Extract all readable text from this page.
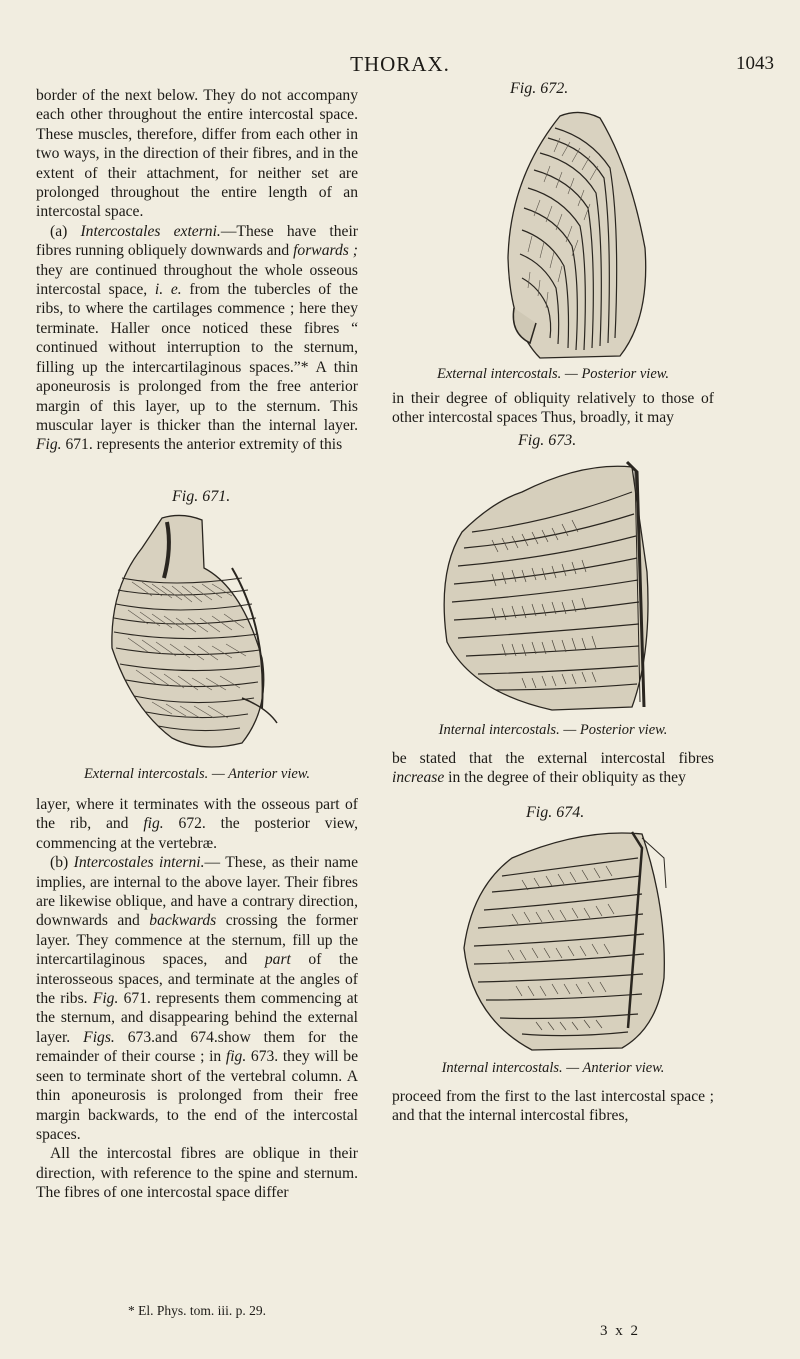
THORAX.	1043

border of the next below. They do not accompany each other throughout the entire intercostal space. These muscles, therefore, differ from each other in two ways, in the direction of their fibres, and in the extent of their attachment, for neither set are prolonged throughout the entire length of an intercostal space.

(a) Intercostales externi.—These have their fibres running obliquely downwards and forwards ; they are continued throughout the whole osseous intercostal space, i. e. from the tubercles of the ribs, to where the cartilages commence ; here they terminate. Haller once noticed these fibres “ continued without interruption to the sternum, filling up the intercartilaginous spaces.”* A thin aponeurosis is prolonged from the free anterior margin of this layer, up to the sternum. This muscular layer is thicker than the internal layer. Fig. 671. represents the anterior extremity of this

Fig. 671.
External intercostals. — Anterior view.

layer, where it terminates with the osseous part of the rib, and fig. 672. the posterior view, commencing at the vertebræ.

(b) Intercostales interni.— These, as their name implies, are internal to the above layer. Their fibres are likewise oblique, and have a contrary direction, downwards and backwards crossing the former layer. They commence at the sternum, fill up the intercartilaginous spaces, and part of the interosseous spaces, and terminate at the angles of the ribs. Fig. 671. represents them commencing at the sternum, and disappearing behind the external layer. Figs. 673.and 674.show them for the remainder of their course ; in fig. 673. they will be seen to terminate short of the vertebral column. A thin aponeurosis is prolonged from their free margin backwards, to the end of the intercostal spaces.

All the intercostal fibres are oblique in their direction, with reference to the spine and sternum. The fibres of one intercostal space differ

* El. Phys. tom. iii. p. 29.
Fig. 672.
External intercostals. — Posterior view.

in their degree of obliquity relatively to those of other intercostal spaces Thus, broadly, it may

Fig. 673.
Internal intercostals. — Posterior view.

be stated that the external intercostal fibres increase in the degree of their obliquity as they

Fig. 674.
Internal intercostals. — Anterior view.

proceed from the first to the last intercostal space ; and that the internal intercostal fibres,

3 x 2
